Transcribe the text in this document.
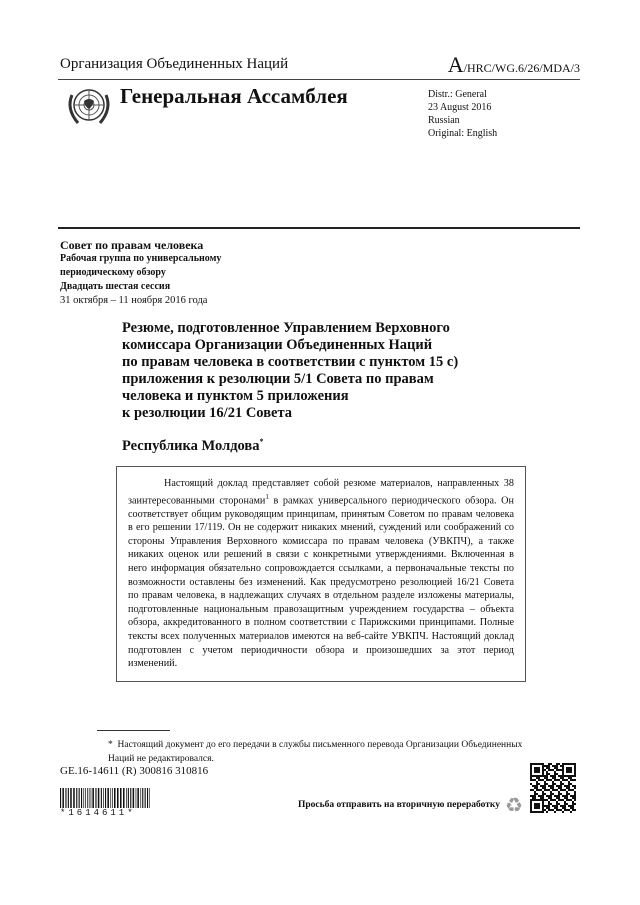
Организация Объединенных Наций	A/HRC/WG.6/26/MDA/3
Генеральная Ассамблея	Distr.: General
23 August 2016
Russian
Original: English
Совет по правам человека
Рабочая группа по универсальному
периодическому обзору
Двадцать шестая сессия
31 октября – 11 ноября 2016 года
Резюме, подготовленное Управлением Верховного
комиссара Организации Объединенных Наций
по правам человека в соответствии с пунктом 15 с)
приложения к резолюции 5/1 Совета по правам
человека и пунктом 5 приложения
к резолюции 16/21 Совета
Республика Молдова*
Настоящий доклад представляет собой резюме материалов, направленных 38 заинтересованными сторонами$^1$ в рамках универсального периодического обзора. Он соответствует общим руководящим принципам, принятым Советом по правам человека в его решении 17/119. Он не содержит никаких мнений, суждений или соображений со стороны Управления Верховного комиссара по правам человека (УВКПЧ), а также никаких оценок или решений в связи с конкретными утверждениями. Включенная в него информация обязательно сопровождается ссылками, а первоначальные тексты по возможности оставлены без изменений. Как предусмотрено резолюцией 16/21 Совета по правам человека, в надлежащих случаях в отдельном разделе изложены материалы, подготовленные национальным правозащитным учреждением государства – объекта обзора, аккредитованного в полном соответствии с Парижскими принципами. Полные тексты всех полученных материалов имеются на веб-сайте УВКПЧ. Настоящий доклад подготовлен с учетом периодичности обзора и произошедших за этот период изменений.
* Настоящий документ до его передачи в службы письменного перевода Организации Объединенных Наций не редактировался.
GE.16-14611 (R) 300816 310816
*1614611*
Просьба отправить на вторичную переработку ♻
